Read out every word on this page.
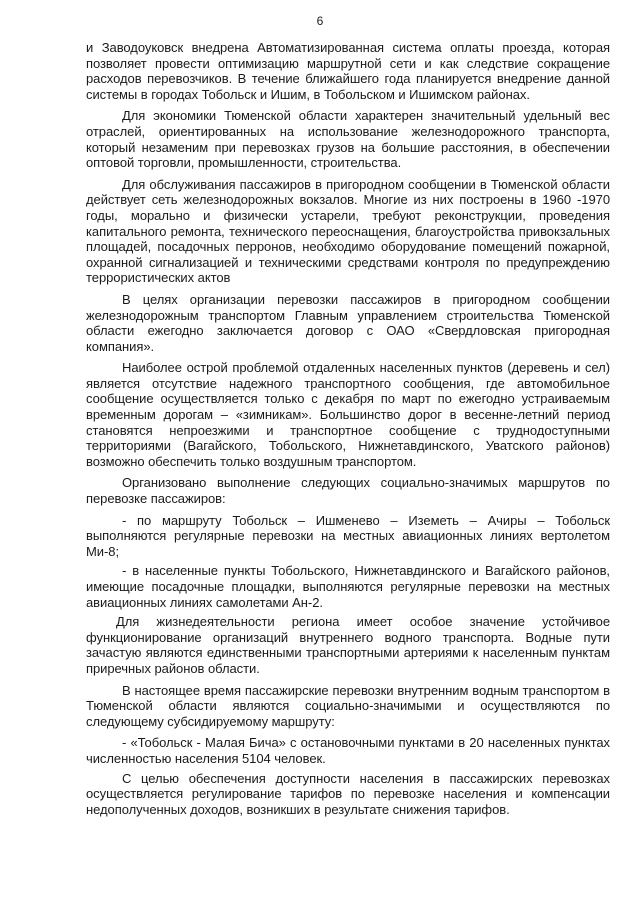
6

и Заводоуковск внедрена Автоматизированная система оплаты проезда, которая позволяет провести оптимизацию маршрутной сети и как следствие сокращение расходов перевозчиков. В течение ближайшего года планируется внедрение данной системы в городах Тобольск и Ишим, в Тобольском и Ишимском районах.

Для экономики Тюменской области характерен значительный удельный вес отраслей, ориентированных на использование железнодорожного транспорта, который незаменим при перевозках грузов на большие расстояния, в обеспечении оптовой торговли, промышленности, строительства.

Для обслуживания пассажиров в пригородном сообщении в Тюменской области действует сеть железнодорожных вокзалов. Многие из них построены в 1960 -1970 годы, морально и физически устарели, требуют реконструкции, проведения капитального ремонта, технического переоснащения, благоустройства привокзальных площадей, посадочных перронов, необходимо оборудование помещений пожарной, охранной сигнализацией и техническими средствами контроля по предупреждению террористических актов

В целях организации перевозки пассажиров в пригородном сообщении железнодорожным транспортом Главным управлением строительства Тюменской области ежегодно заключается договор с ОАО «Свердловская пригородная компания».

Наиболее острой проблемой отдаленных населенных пунктов (деревень и сел) является отсутствие надежного транспортного сообщения, где автомобильное сообщение осуществляется только с декабря по март по ежегодно устраиваемым временным дорогам – «зимникам». Большинство дорог в весенне-летний период становятся непроезжими и транспортное сообщение с труднодоступными территориями (Вагайского, Тобольского, Нижнетавдинского, Уватского районов) возможно обеспечить только воздушным транспортом.

Организовано выполнение следующих социально-значимых маршрутов по перевозке пассажиров:

- по маршруту Тобольск – Ишменево – Иземеть – Ачиры – Тобольск выполняются регулярные перевозки на местных авиационных линиях вертолетом Ми-8;

- в населенные пункты Тобольского, Нижнетавдинского и Вагайского районов, имеющие посадочные площадки, выполняются регулярные перевозки на местных авиационных линиях самолетами Ан-2.

Для жизнедеятельности региона имеет особое значение устойчивое функционирование организаций внутреннего водного транспорта. Водные пути зачастую являются единственными транспортными артериями к населенным пунктам приречных районов области.

В настоящее время пассажирские перевозки внутренним водным транспортом в Тюменской области являются социально-значимыми и осуществляются по следующему субсидируемому маршруту:

- «Тобольск - Малая Бича» с остановочными пунктами в 20 населенных пунктах численностью населения 5104 человек.

С целью обеспечения доступности населения в пассажирских перевозках осуществляется регулирование тарифов по перевозке населения и компенсации недополученных доходов, возникших в результате снижения тарифов.
